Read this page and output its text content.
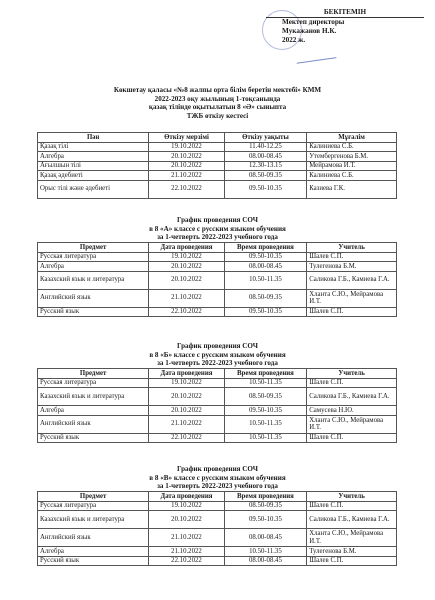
БЕКІТЕМІН
Мектеп директоры
Мукажанов Н.К.
2022 ж.
Көкшетау қаласы «№8 жалпы орта білім беретін мектебі» КММ
2022-2023 оқу жылының 1-тоқсанында
қазақ тілінде оқытылатын 8 «Ә» сыныпта
ТЖБ өткізу кестесі
Пән	Өткізу мерзімі	Өткізу уақыты	Мұғалім
Қазақ тілі	19.10.2022	11.40-12.25	Калиниева С.Б.
Алгебра	20.10.2022	08.00-08.45	Утембергенова Б.М.
Ағылшын тілі	20.10.2022	12.30-13.15	Мейрамова И.Т.
Қазақ әдебиеті	21.10.2022	08.50-09.35	Калиниева С.Б.
Орыс тілі және әдебиеті	22.10.2022	09.50-10.35	Казиева Г.К.
График проведения СОЧ
в 8 «А» классе с русским языком обучения
за 1-четверть 2022-2023 учебного года
Предмет	Дата проведения	Время проведения	Учитель
Русская литература	19.10.2022	09.50-10.35	Шалев С.П.
Алгебра	20.10.2022	08.00-08.45	Тулегенова Б.М.
Казахский язык и литература	20.10.2022	10.50-11.35	Саликова Г.Б., Камиева Г.А.
Английский язык	21.10.2022	08.50-09.35	Хланта С.Ю., Мейрамова И.Т.
Русский язык	22.10.2022	09.50-10.35	Шалев С.П.
График проведения СОЧ
в 8 «Б» классе с русским языком обучения
за 1-четверть 2022-2023 учебного года
Предмет	Дата проведения	Время проведения	Учитель
Русская литература	19.10.2022	10.50-11.35	Шалев С.П.
Казахский язык и литература	20.10.2022	08.50-09.35	Саликова Г.Б., Камиева Г.А.
Алгебра	20.10.2022	09.50-10.35	Самусева Н.Ю.
Английский язык	21.10.2022	10.50-11.35	Хланта С.Ю., Мейрамова И.Т.
Русский язык	22.10.2022	10.50-11.35	Шалев С.П.
График проведения СОЧ
в 8 «В» классе с русским языком обучения
за 1-четверть 2022-2023 учебного года
Предмет	Дата проведения	Время проведения	Учитель
Русская литература	19.10.2022	08.50-09.35	Шалев С.П.
Казахский язык и литература	20.10.2022	09.50-10.35	Саликова Г.Б., Камиева Г.А.
Английский язык	21.10.2022	08.00-08.45	Хланта С.Ю., Мейрамова И.Т.
Алгебра	21.10.2022	10.50-11.35	Тулегенова Б.М.
Русский язык	22.10.2022	08.00-08.45	Шалев С.П.
